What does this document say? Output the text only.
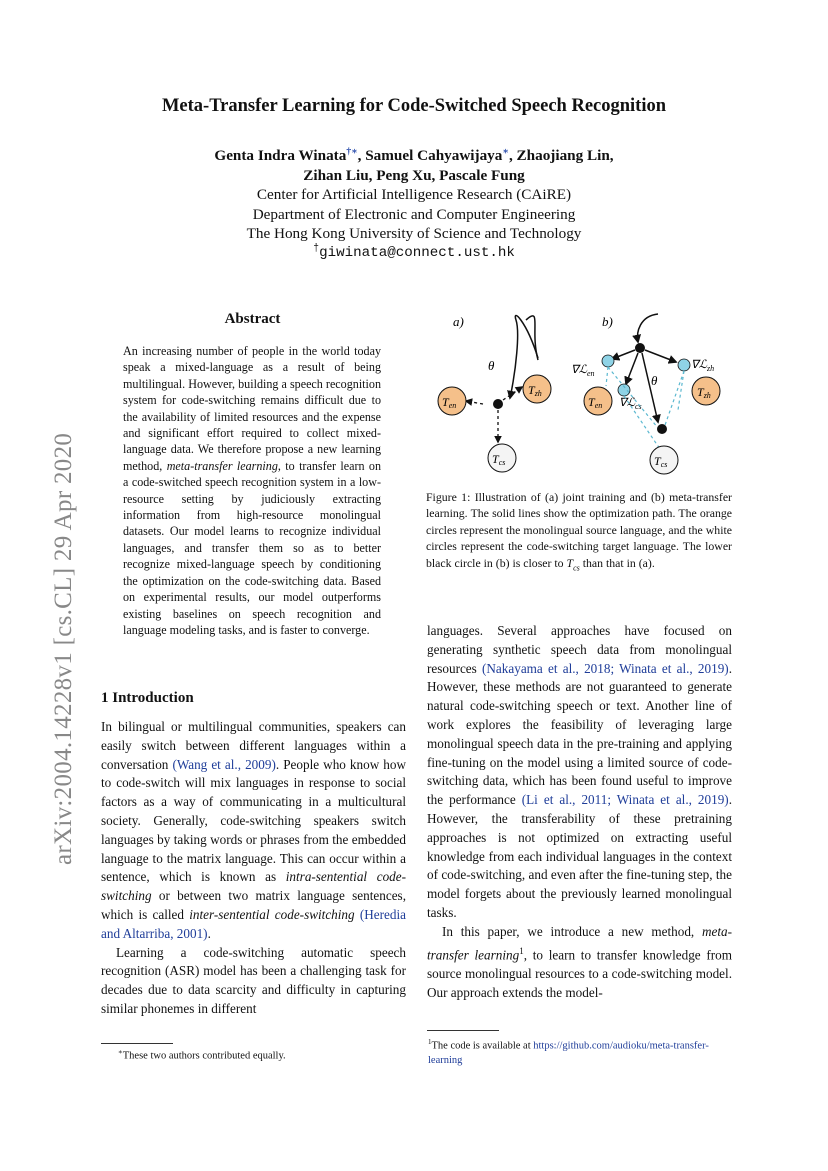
Meta-Transfer Learning for Code-Switched Speech Recognition
Genta Indra Winata†∗, Samuel Cahyawijaya∗, Zhaojiang Lin,
Zihan Liu, Peng Xu, Pascale Fung
Center for Artificial Intelligence Research (CAiRE)
Department of Electronic and Computer Engineering
The Hong Kong University of Science and Technology
†giwinata@connect.ust.hk
arXiv:2004.14228v1 [cs.CL] 29 Apr 2020
Abstract
An increasing number of people in the world today speak a mixed-language as a result of being multilingual. However, building a speech recognition system for code-switching remains difficult due to the availability of limited resources and the expense and significant effort required to collect mixed-language data. We therefore propose a new learning method, meta-transfer learning, to transfer learn on a code-switched speech recognition system in a low-resource setting by judiciously extracting information from high-resource monolingual datasets. Our model learns to recognize individual languages, and transfer them so as to better recognize mixed-language speech by conditioning the optimization on the code-switching data. Based on experimental results, our model outperforms existing baselines on speech recognition and language modeling tasks, and is faster to converge.
1 Introduction

In bilingual or multilingual communities, speakers can easily switch between different languages within a conversation (Wang et al., 2009). People who know how to code-switch will mix languages in response to social factors as a way of communicating in a multicultural society. Generally, code-switching speakers switch languages by taking words or phrases from the embedded language to the matrix language. This can occur within a sentence, which is known as intra-sentential code-switching or between two matrix language sentences, which is called inter-sentential code-switching (Heredia and Altarriba, 2001).

Learning a code-switching automatic speech recognition (ASR) model has been a challenging task for decades due to data scarcity and difficulty in capturing similar phonemes in different

a)
θ
Ten
Tzh
Tcs
b)
θ
∇ℒ$_{en}$
∇ℒ$_{zh}$
∇ℒ$_{cs}$
Ten
Tzh
Tcs
Figure 1: Illustration of (a) joint training and (b) meta-transfer learning. The solid lines show the optimization path. The orange circles represent the monolingual source language, and the white circles represent the code-switching target language. The lower black circle in (b) is closer to $T_{cs}$ than that in (a).

languages. Several approaches have focused on generating synthetic speech data from monolingual resources (Nakayama et al., 2018; Winata et al., 2019). However, these methods are not guaranteed to generate natural code-switching speech or text. Another line of work explores the feasibility of leveraging large monolingual speech data in the pre-training and applying fine-tuning on the model using a limited source of code-switching data, which has been found useful to improve the performance (Li et al., 2011; Winata et al., 2019). However, the transferability of these pretraining approaches is not optimized on extracting useful knowledge from each individual languages in the context of code-switching, and even after the fine-tuning step, the model forgets about the previously learned monolingual tasks.

In this paper, we introduce a new method, meta-transfer learning$^1$, to learn to transfer knowledge from source monolingual resources to a code-switching model. Our approach extends the model-

∗These two authors contributed equally.
$^1$The code is available at https://github.com/audioku/meta-transfer-learning
